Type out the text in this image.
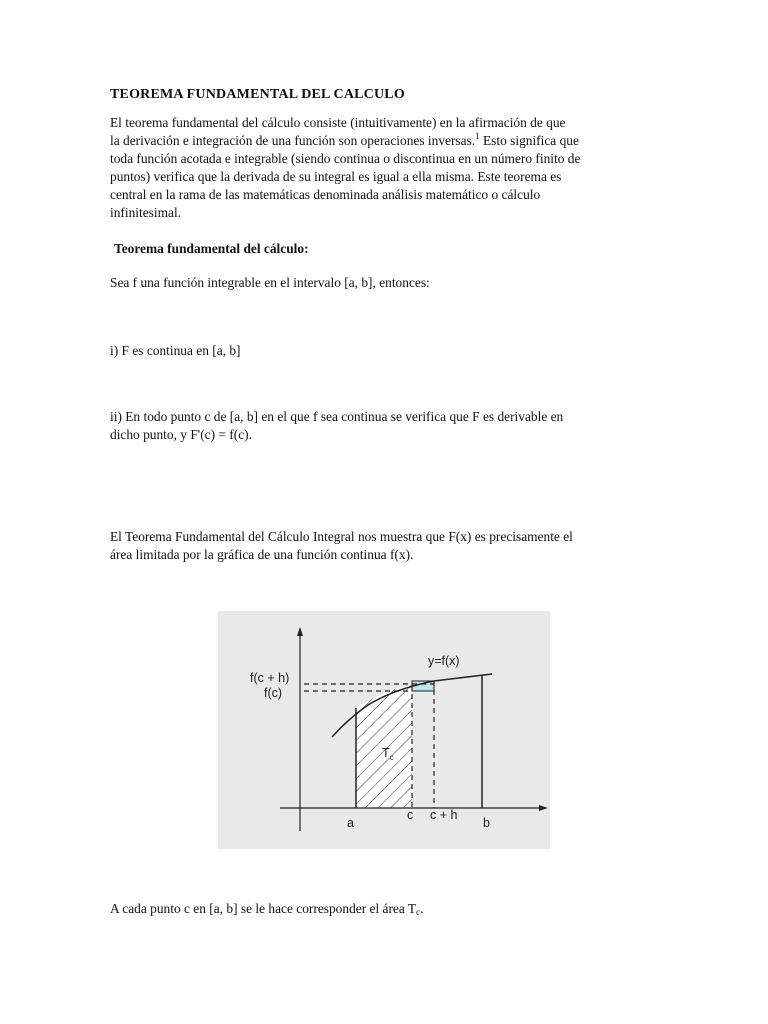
TEOREMA FUNDAMENTAL DEL CALCULO

El teorema fundamental del cálculo consiste (intuitivamente) en la afirmación de que
la derivación e integración de una función son operaciones inversas.$^1$ Esto significa que
toda función acotada e integrable (siendo continua o discontinua en un número finito de
puntos) verifica que la derivada de su integral es igual a ella misma. Este teorema es
central en la rama de las matemáticas denominada análisis matemático o cálculo
infinitesimal.

Teorema fundamental del cálculo:

Sea f una función integrable en el intervalo [a, b], entonces:

i) F es continua en [a, b]

ii) En todo punto c de [a, b] en el que f sea continua se verifica que F es derivable en
dicho punto, y F'(c) = f(c).

El Teorema Fundamental del Cálculo Integral nos muestra que F(x) es precisamente el
área limitada por la gráfica de una función continua f(x).

y=f(x)
f(c + h)
f(c)
$T_c$
a
c c + h
b

A cada punto c en [a, b] se le hace corresponder el área $T_c$.
